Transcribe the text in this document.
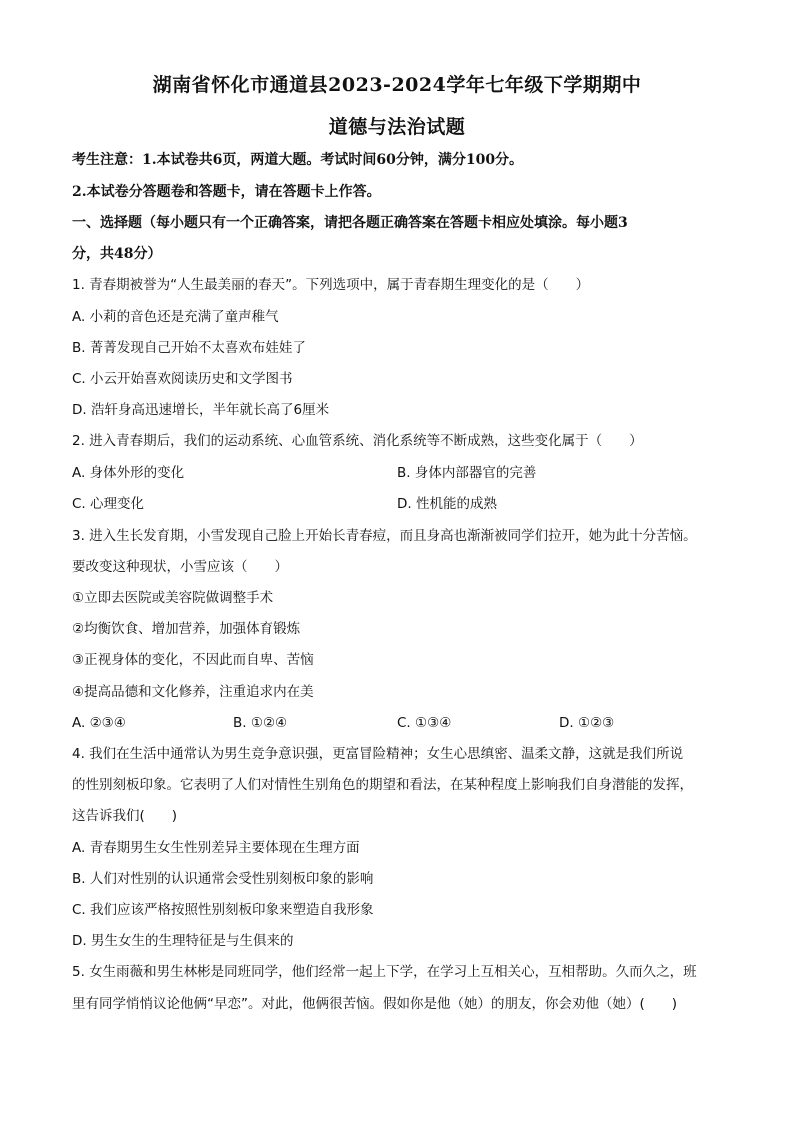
湖南省怀化市通道县2023-2024学年七年级下学期期中
道德与法治试题
考生注意：1.本试卷共6页，两道大题。考试时间60分钟，满分100分。
2.本试卷分答题卷和答题卡，请在答题卡上作答。
一、选择题（每小题只有一个正确答案，请把各题正确答案在答题卡相应处填涂。每小题3
分，共48分）
1. 青春期被誉为“人生最美丽的春天”。下列选项中，属于青春期生理变化的是（　　）
A. 小莉的音色还是充满了童声稚气
B. 菁菁发现自己开始不太喜欢布娃娃了
C. 小云开始喜欢阅读历史和文学图书
D. 浩轩身高迅速增长，半年就长高了6厘米
2. 进入青春期后，我们的运动系统、心血管系统、消化系统等不断成熟，这些变化属于（　　）
A. 身体外形的变化	B. 身体内部器官的完善
C. 心理变化	D. 性机能的成熟
3. 进入生长发育期，小雪发现自己脸上开始长青春痘，而且身高也渐渐被同学们拉开，她为此十分苦恼。
要改变这种现状，小雪应该（　　）
①立即去医院或美容院做调整手术
②均衡饮食、增加营养，加强体育锻炼
③正视身体的变化，不因此而自卑、苦恼
④提高品德和文化修养，注重追求内在美
A. ②③④	B. ①②④	C. ①③④	D. ①②③
4. 我们在生活中通常认为男生竞争意识强，更富冒险精神；女生心思缜密、温柔文静，这就是我们所说
的性别刻板印象。它表明了人们对情性生别角色的期望和看法，在某种程度上影响我们自身潜能的发挥，
这告诉我们(　　)
A. 青春期男生女生性别差异主要体现在生理方面
B. 人们对性别的认识通常会受性别刻板印象的影响
C. 我们应该严格按照性别刻板印象来塑造自我形象
D. 男生女生的生理特征是与生俱来的
5. 女生雨薇和男生林彬是同班同学，他们经常一起上下学，在学习上互相关心，互相帮助。久而久之，班
里有同学悄悄议论他俩“早恋”。对此，他俩很苦恼。假如你是他（她）的朋友，你会劝他（她）(　　)
